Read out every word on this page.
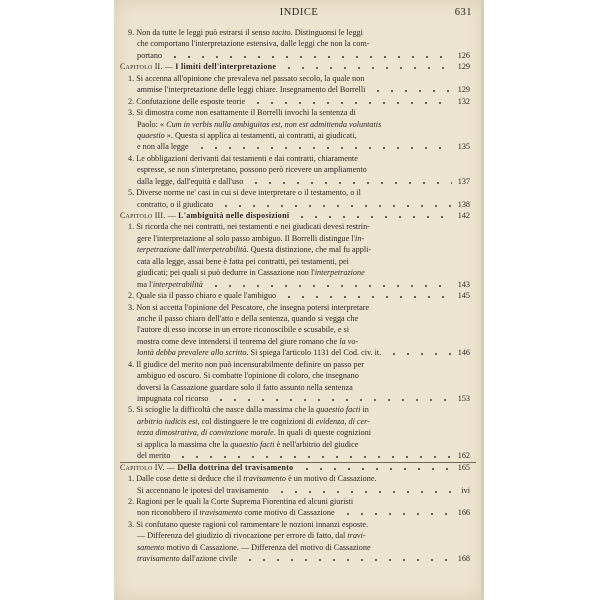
INDICE	631
9. Non da tutte le leggi può estrarsi il senso tacito. Distinguonsi le leggi
che comportano l'interpretazione estensiva, dalle leggi che non la com-
portano	126
Capitolo II. — I limiti dell'interpretazione	129
1. Si accenna all'opinione che prevaleva nel passato secolo, la quale non
ammise l'interpretazione delle leggi chiare. Insegnamento del Borrelli	129
2. Confutazione delle esposte teorie	132
3. Si dimostra come non esattamente il Borrelli invochi la sentenza di
Paolo: « Cum in verbis nulla ambiguitas est, non est admittenda voluntatis
quaestio ». Questa si applica ai testamenti, ai contratti, ai giudicati,
e non alla legge	135
4. Le obbligazioni derivanti dai testamenti e dai contratti, chiaramente
espresse, se non s'interpretano, possono però ricevere un ampliamento
dalla legge, dall'equità e dall'uso	137
5. Diverse norme ne' casi in cui si deve interpretare o il testamento, o il
contratto, o il giudicato	138
Capitolo III. — L'ambiguità nelle disposizioni	142
1. Si ricorda che nei contratti, nei testamenti e nei giudicati devesi restrin-
gere l'interpretazione al solo passo ambiguo. Il Borrelli distingue l'in-
terpetrazione dall'interpetrabilità. Questa distinzione, che mal fu appli-
cata alla legge, assai bene è fatta pei contratti, pei testamenti, pei
giudicati; pei quali si può dedurre in Cassazione non l'interpetrazione
ma l'interpetrabilità	143
2. Quale sia il passo chiaro e quale l'ambiguo	145
3. Non si accetta l'opinione del Pescatore, che insegna potersi interpretare
anche il passo chiaro dell'atto e della sentenza, quando si vegga che
l'autore di esso incorse in un errore riconoscibile e scusabile, e si
mostra come deve intendersi il teorema del giure romano che la vo-
lontà debba prevalere allo scritto. Si spiega l'articolo 1131 del Cod. civ. it.	146
4. Il giudice del merito non può incensurabilmente definire un passo per
ambiguo ed oscuro. Si combatte l'opinione di coloro, che insegnano
doversi la Cassazione guardare solo il fatto assunto nella sentenza
impugnata col ricorso	153
5. Si scioglie la difficoltà che nasce dalla massima che la quaestio facti in
arbitrio iudicis est, col distinguere le tre cognizioni di evidenza, di cer-
tezza dimostrativa, di convinzione morale. In quali di queste cognizioni
si applica la massima che la quaestio facti è nell'arbitrio del giudice
del merito	162
Capitolo IV. — Della dottrina del travisamento	165
1. Dalle cose dette si deduce che il travisamento è un motivo di Cassazione.
Si accennano le ipotesi del travisamento	ivi
2. Ragioni per le quali la Corte Suprema Fiorentina ed alcuni giuristi
non riconobbero il travisamento come motivo di Cassazione	166
3. Si confutano queste ragioni col rammentare le nozioni innanzi esposte.
— Differenza del giudizio di rivocazione per errore di fatto, dal travi-
samento motivo di Cassazione. — Differenza del motivo di Cassazione
travisamento dall'azione civile	168
